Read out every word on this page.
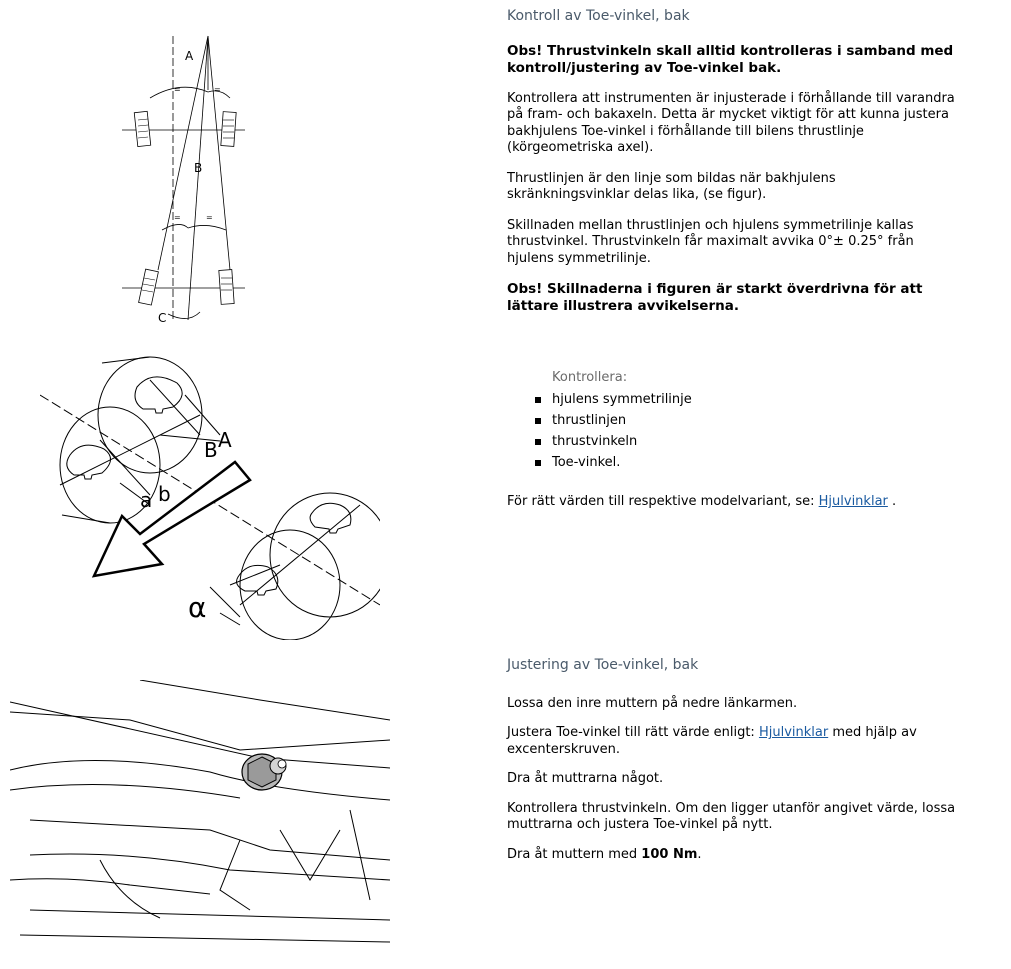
A
B
C
=	=
=	=
A
B
a b
α

Kontroll av Toe-vinkel, bak

Obs! Thrustvinkeln skall alltid kontrolleras i samband med kontroll/justering av Toe-vinkel bak.

Kontrollera att instrumenten är injusterade i förhållande till varandra på fram- och bakaxeln. Detta är mycket viktigt för att kunna justera bakhjulens Toe-vinkel i förhållande till bilens thrustlinje (körgeometriska axel).

Thrustlinjen är den linje som bildas när bakhjulens skränkningsvinklar delas lika, (se figur).

Skillnaden mellan thrustlinjen och hjulens symmetrilinje kallas thrustvinkel. Thrustvinkeln får maximalt avvika 0°± 0.25° från hjulens symmetrilinje.

Obs! Skillnaderna i figuren är starkt överdrivna för att lättare illustrera avvikelserna.

Kontrollera:

hjulens symmetrilinje
thrustlinjen
thrustvinkeln
Toe-vinkel.

För rätt värden till respektive modelvariant, se: Hjulvinklar .

Justering av Toe-vinkel, bak

Lossa den inre muttern på nedre länkarmen.

Justera Toe-vinkel till rätt värde enligt: Hjulvinklar med hjälp av excenterskruven.

Dra åt muttrarna något.

Kontrollera thrustvinkeln. Om den ligger utanför angivet värde, lossa muttrarna och justera Toe-vinkel på nytt.

Dra åt muttern med 100 Nm.
